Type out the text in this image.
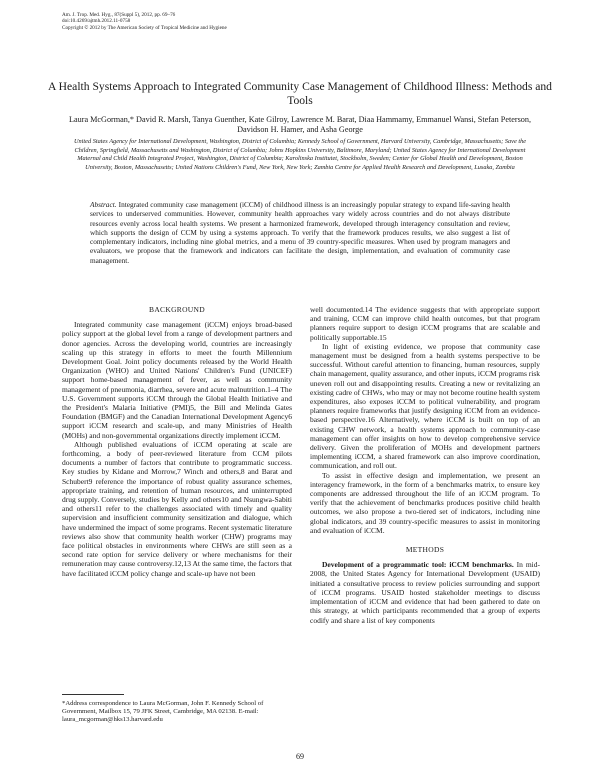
Am. J. Trop. Med. Hyg., 87(Suppl 5), 2012, pp. 69–76
doi:10.4269/ajtmh.2012.11-0758
Copyright © 2012 by The American Society of Tropical Medicine and Hygiene
A Health Systems Approach to Integrated Community Case Management of Childhood Illness: Methods and Tools
Laura McGorman,* David R. Marsh, Tanya Guenther, Kate Gilroy, Lawrence M. Barat, Diaa Hammamy, Emmanuel Wansi, Stefan Peterson, Davidson H. Hamer, and Asha George
United States Agency for International Development, Washington, District of Columbia; Kennedy School of Government, Harvard University, Cambridge, Massachusetts; Save the Children, Springfield, Massachusetts and Washington, District of Columbia; Johns Hopkins University, Baltimore, Maryland; United States Agency for International Development Maternal and Child Health Integrated Project, Washington, District of Columbia; Karolinska Institutet, Stockholm, Sweden; Center for Global Health and Development, Boston University, Boston, Massachusetts; United Nations Children's Fund, New York, New York; Zambia Centre for Applied Health Research and Development, Lusaka, Zambia
Abstract. Integrated community case management (iCCM) of childhood illness is an increasingly popular strategy to expand life-saving health services to underserved communities. However, community health approaches vary widely across countries and do not always distribute resources evenly across local health systems. We present a harmonized framework, developed through interagency consultation and review, which supports the design of CCM by using a systems approach. To verify that the framework produces results, we also suggest a list of complementary indicators, including nine global metrics, and a menu of 39 country-specific measures. When used by program managers and evaluators, we propose that the framework and indicators can facilitate the design, implementation, and evaluation of community case management.
BACKGROUND

Integrated community case management (iCCM) enjoys broad-based policy support at the global level from a range of development partners and donor agencies. Across the developing world, countries are increasingly scaling up this strategy in efforts to meet the fourth Millennium Development Goal. Joint policy documents released by the World Health Organization (WHO) and United Nations' Children's Fund (UNICEF) support home-based management of fever, as well as community management of pneumonia, diarrhea, severe and acute malnutrition.1–4 The U.S. Government supports iCCM through the Global Health Initiative and the President's Malaria Initiative (PMI)5, the Bill and Melinda Gates Foundation (BMGF) and the Canadian International Development Agency6 support iCCM research and scale-up, and many Ministries of Health (MOHs) and non-governmental organizations directly implement iCCM.

Although published evaluations of iCCM operating at scale are forthcoming, a body of peer-reviewed literature from CCM pilots documents a number of factors that contribute to programmatic success. Key studies by Kidane and Morrow,7 Winch and others,8 and Barat and Schubert9 reference the importance of robust quality assurance schemes, appropriate training, and retention of human resources, and uninterrupted drug supply. Conversely, studies by Kelly and others10 and Nsungwa-Sabiti and others11 refer to the challenges associated with timely and quality supervision and insufficient community sensitization and dialogue, which have undermined the impact of some programs. Recent systematic literature reviews also show that community health worker (CHW) programs may face political obstacles in environments where CHWs are still seen as a second rate option for service delivery or where mechanisms for their remuneration may cause controversy.12,13 At the same time, the factors that have facilitated iCCM policy change and scale-up have not been

well documented.14 The evidence suggests that with appropriate support and training, CCM can improve child health outcomes, but that program planners require support to design iCCM programs that are scalable and politically supportable.15

In light of existing evidence, we propose that community case management must be designed from a health systems perspective to be successful. Without careful attention to financing, human resources, supply chain management, quality assurance, and other inputs, iCCM programs risk uneven roll out and disappointing results. Creating a new or revitalizing an existing cadre of CHWs, who may or may not become routine health system expenditures, also exposes iCCM to political vulnerability, and program planners require frameworks that justify designing iCCM from an evidence-based perspective.16 Alternatively, where iCCM is built on top of an existing CHW network, a health systems approach to community-case management can offer insights on how to develop comprehensive service delivery. Given the proliferation of MOHs and development partners implementing iCCM, a shared framework can also improve coordination, communication, and roll out.

To assist in effective design and implementation, we present an interagency framework, in the form of a benchmarks matrix, to ensure key components are addressed throughout the life of an iCCM program. To verify that the achievement of benchmarks produces positive child health outcomes, we also propose a two-tiered set of indicators, including nine global indicators, and 39 country-specific measures to assist in monitoring and evaluation of iCCM.

METHODS

Development of a programmatic tool: iCCM benchmarks. In mid-2008, the United States Agency for International Development (USAID) initiated a consultative process to review policies surrounding and support of iCCM programs. USAID hosted stakeholder meetings to discuss implementation of iCCM and evidence that had been gathered to date on this strategy, at which participants recommended that a group of experts codify and share a list of key components

*Address correspondence to Laura McGorman, John F. Kennedy School of Government, Mailbox 15, 79 JFK Street, Cambridge, MA 02138. E-mail: laura_mcgorman@hks13.harvard.edu
69
